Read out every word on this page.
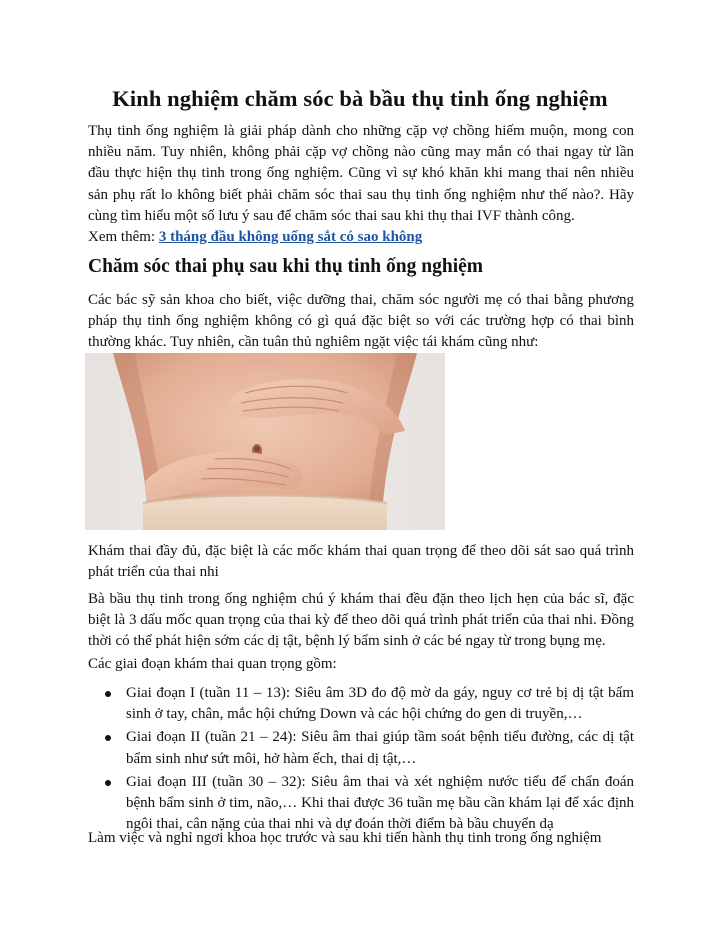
Kinh nghiệm chăm sóc bà bầu thụ tinh ống nghiệm

Thụ tinh ống nghiệm là giải pháp dành cho những cặp vợ chồng hiếm muộn, mong con nhiều năm. Tuy nhiên, không phải cặp vợ chồng nào cũng may mắn có thai ngay từ lần đầu thực hiện thụ tinh trong ống nghiệm. Cũng vì sự khó khăn khi mang thai nên nhiều sản phụ rất lo không biết phải chăm sóc thai sau thụ tinh ống nghiệm như thế nào?. Hãy cùng tìm hiểu một số lưu ý sau để chăm sóc thai sau khi thụ thai IVF thành công.

Xem thêm: 3 tháng đầu không uống sắt có sao không

Chăm sóc thai phụ sau khi thụ tinh ống nghiệm

Các bác sỹ sản khoa cho biết, việc dưỡng thai, chăm sóc người mẹ có thai bằng phương pháp thụ tinh ống nghiệm không có gì quá đặc biệt so với các trường hợp có thai bình thường khác. Tuy nhiên, cần tuân thủ nghiêm ngặt việc tái khám cũng như:

Khám thai đầy đủ, đặc biệt là các mốc khám thai quan trọng để theo dõi sát sao quá trình phát triển của thai nhi

Bà bầu thụ tinh trong ống nghiệm chú ý khám thai đều đặn theo lịch hẹn của bác sĩ, đặc biệt là 3 dấu mốc quan trọng của thai kỳ để theo dõi quá trình phát triển của thai nhi. Đồng thời có thể phát hiện sớm các dị tật, bệnh lý bẩm sinh ở các bé ngay từ trong bụng mẹ.

Các giai đoạn khám thai quan trọng gồm:

Giai đoạn I (tuần 11 – 13): Siêu âm 3D đo độ mờ da gáy, nguy cơ trẻ bị dị tật bẩm sinh ở tay, chân, mắc hội chứng Down và các hội chứng do gen di truyền,…
Giai đoạn II (tuần 21 – 24): Siêu âm thai giúp tầm soát bệnh tiểu đường, các dị tật bẩm sinh như sứt môi, hở hàm ếch, thai dị tật,…
Giai đoạn III (tuần 30 – 32): Siêu âm thai và xét nghiệm nước tiểu để chẩn đoán bệnh bẩm sinh ở tim, não,… Khi thai được 36 tuần mẹ bầu cần khám lại để xác định ngôi thai, cân nặng của thai nhi và dự đoán thời điểm bà bầu chuyển dạ

Làm việc và nghỉ ngơi khoa học trước và sau khi tiến hành thụ tinh trong ống nghiệm
